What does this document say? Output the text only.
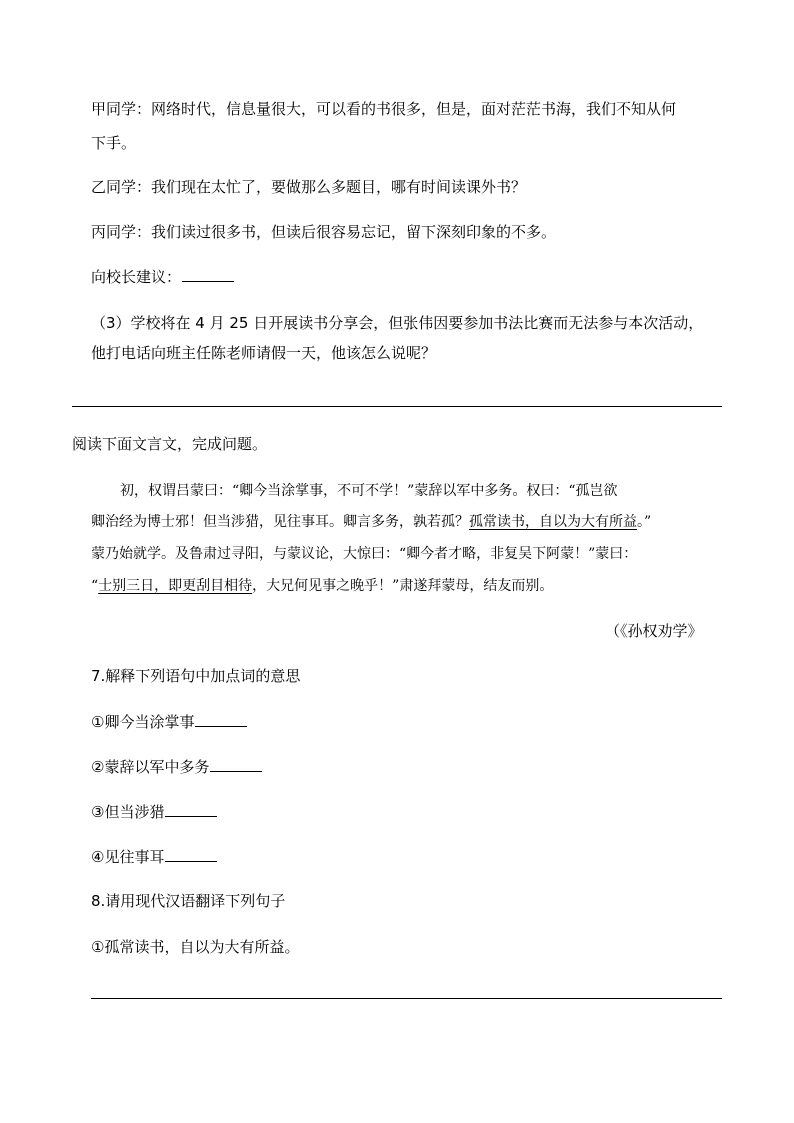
甲同学：网络时代，信息量很大，可以看的书很多，但是，面对茫茫书海，我们不知从何
下手。
乙同学：我们现在太忙了，要做那么多题目，哪有时间读课外书？
丙同学：我们读过很多书，但读后很容易忘记，留下深刻印象的不多。
向校长建议：
（3）学校将在 4 月 25 日开展读书分享会，但张伟因要参加书法比赛而无法参与本次活动，
他打电话向班主任陈老师请假一天，他该怎么说呢？
阅读下面文言文，完成问题。
初，权谓吕蒙曰：“卿今当涂掌事，不可不学！”蒙辞以军中多务。权曰：“孤岂欲
卿治经为博士邪！但当涉猎，见往事耳。卿言多务，孰若孤？孤常读书，自以为大有所益。”
蒙乃始就学。及鲁肃过寻阳，与蒙议论，大惊曰：“卿今者才略，非复吴下阿蒙！”蒙曰：
“士别三日，即更刮目相待，大兄何见事之晚乎！”肃遂拜蒙母，结友而别。
（《孙权劝学》
7.解释下列语句中加点词的意思
①卿今当涂掌事
②蒙辞以军中多务
③但当涉猎
④见往事耳
8.请用现代汉语翻译下列句子
①孤常读书，自以为大有所益。
